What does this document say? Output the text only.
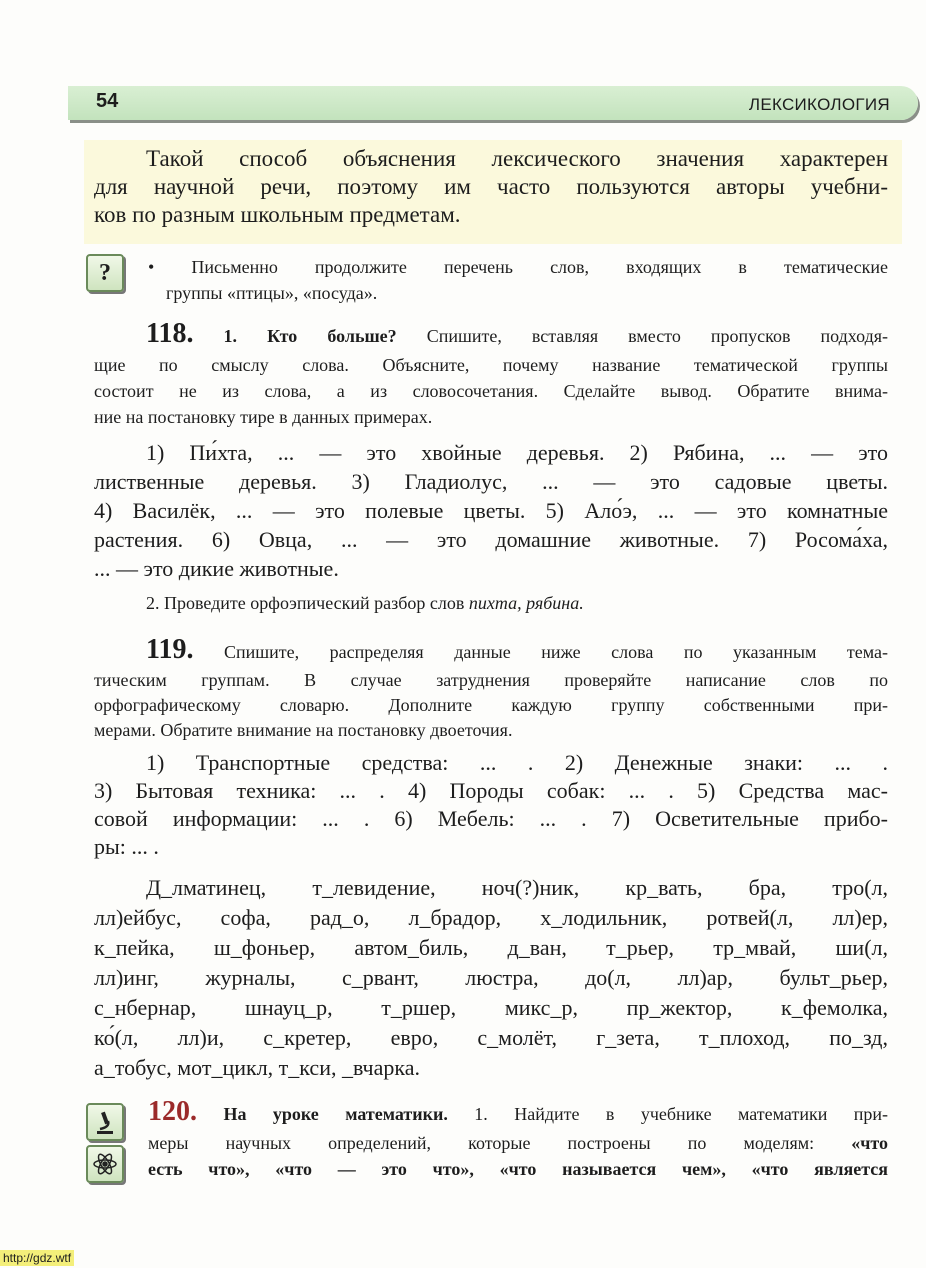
54	ЛЕКСИКОЛОГИЯ
Такой способ объяснения лексического значения характерен
для научной речи, поэтому им часто пользуются авторы учебни-
ков по разным школьным предметам.
?	• Письменно продолжите перечень слов, входящих в тематические
группы «птицы», «посуда».
118. 1. Кто больше? Спишите, вставляя вместо пропусков подходя-
щие по смыслу слова. Объясните, почему название тематической группы
состоит не из слова, а из словосочетания. Сделайте вывод. Обратите внима-
ние на постановку тире в данных примерах.
1) Пи́хта, ... — это хвойные деревья. 2) Рябина, ... — это
лиственные деревья. 3) Гладиолус, ... — это садовые цветы.
4) Василёк, ... — это полевые цветы. 5) Ало́э, ... — это комнатные
растения. 6) Овца, ... — это домашние животные. 7) Росома́ха,
... — это дикие животные.
2. Проведите орфоэпический разбор слов пихта, рябина.
119. Спишите, распределяя данные ниже слова по указанным тема-
тическим группам. В случае затруднения проверяйте написание слов по
орфографическому словарю. Дополните каждую группу собственными при-
мерами. Обратите внимание на постановку двоеточия.
1) Транспортные средства: ... . 2) Денежные знаки: ... .
3) Бытовая техника: ... . 4) Породы собак: ... . 5) Средства мас-
совой информации: ... . 6) Мебель: ... . 7) Осветительные прибо-
ры: ... .
Д_лматинец, т_левидение, ноч(?)ник, кр_вать, бра, тро(л,
лл)ейбус, софа, рад_о, л_брадор, х_лодильник, ротвей(л, лл)ер,
к_пейка, ш_фоньер, автом_биль, д_ван, т_рьер, тр_мвай, ши(л,
лл)инг, журналы, с_рвант, люстра, до(л, лл)ар, бульт_рьер,
с_нбернар, шнауц_р, т_ршер, микс_р, пр_жектор, к_фемолка,
ко́(л, лл)и, с_кретер, евро, с_молёт, г_зета, т_плоход, по_зд,
а_тобус, мот_цикл, т_кси, _вчарка.
120. На уроке математики. 1. Найдите в учебнике математики при-
меры научных определений, которые построены по моделям: «что
есть что», «что — это что», «что называется чем», «что является
http://gdz.wtf
